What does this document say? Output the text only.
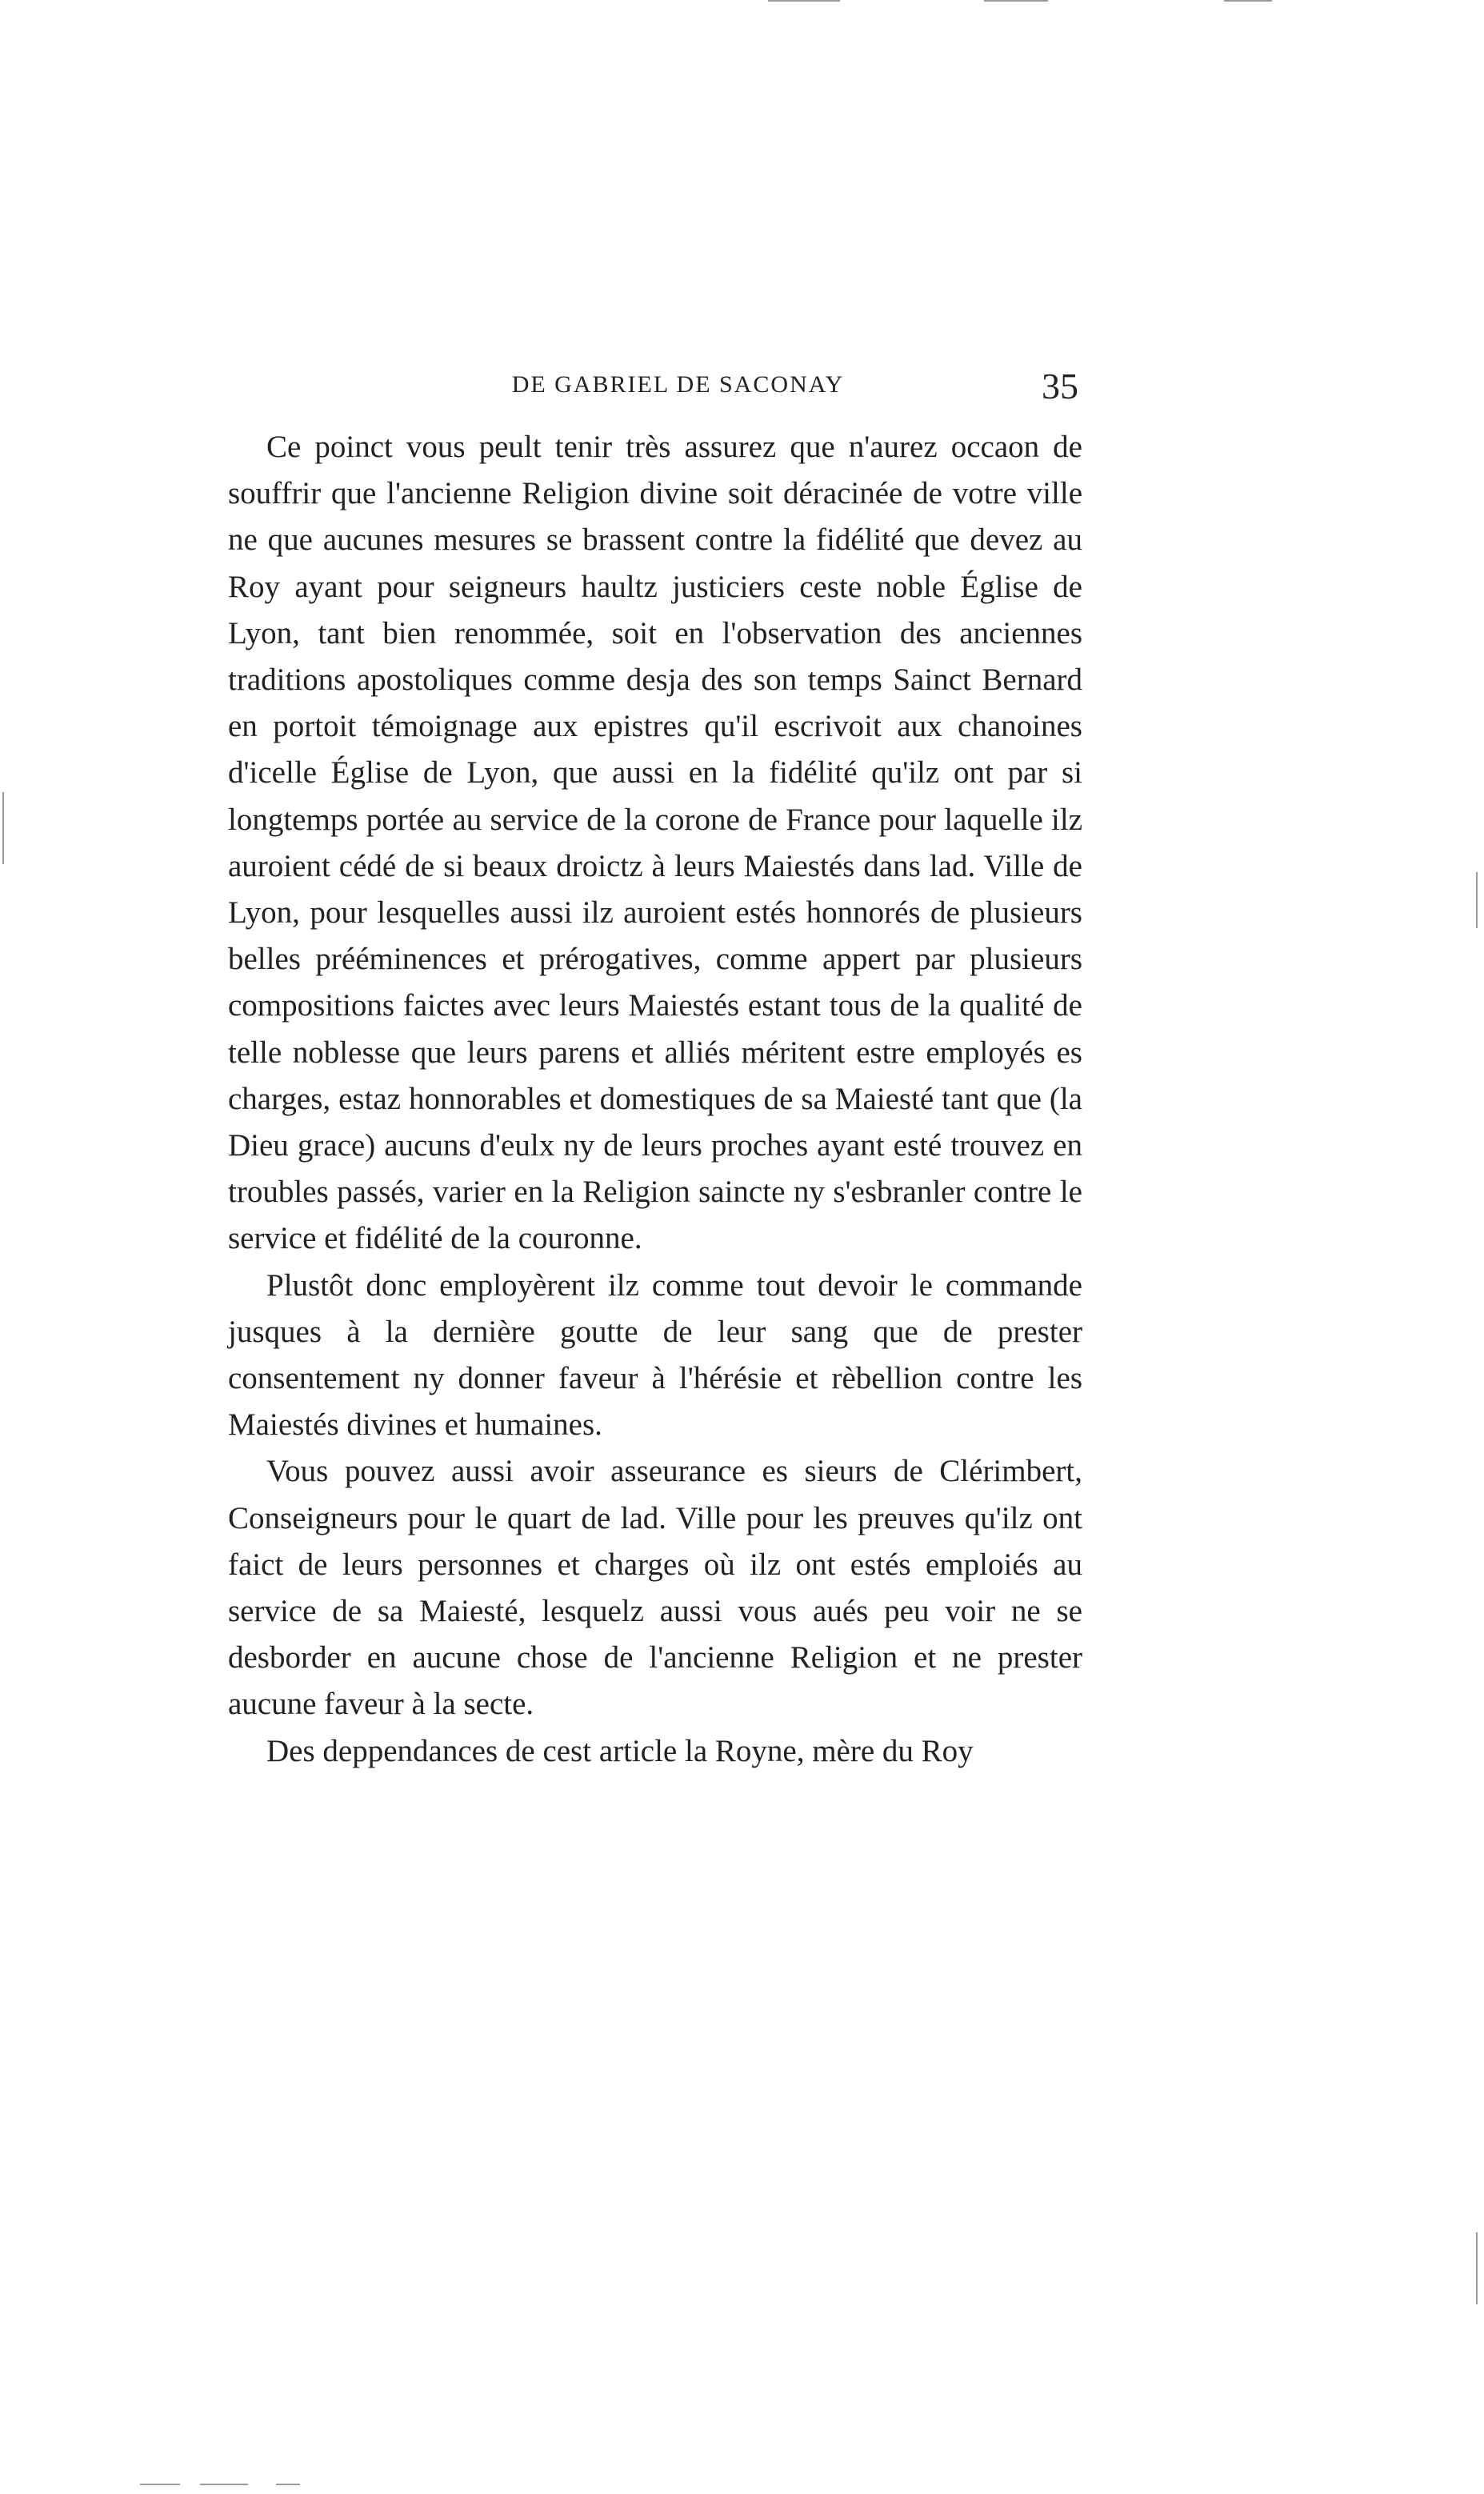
DE GABRIEL DE SACONAY	35

Ce poinct vous peult tenir très assurez que n'aurez occaon de souffrir que l'ancienne Religion divine soit déracinée de votre ville ne que aucunes mesures se brassent contre la fidélité que devez au Roy ayant pour seigneurs haultz justiciers ceste noble Église de Lyon, tant bien renommée, soit en l'observation des anciennes traditions apostoliques comme desja des son temps Sainct Bernard en portoit témoignage aux epistres qu'il escrivoit aux chanoines d'icelle Église de Lyon, que aussi en la fidélité qu'ilz ont par si longtemps portée au service de la corone de France pour laquelle ilz auroient cédé de si beaux droictz à leurs Maiestés dans lad. Ville de Lyon, pour lesquelles aussi ilz auroient estés honnorés de plusieurs belles prééminences et prérogatives, comme appert par plusieurs compositions faictes avec leurs Maiestés estant tous de la qualité de telle noblesse que leurs parens et alliés méritent estre employés es charges, estaz honnorables et domestiques de sa Maiesté tant que (la Dieu grace) aucuns d'eulx ny de leurs proches ayant esté trouvez en troubles passés, varier en la Religion saincte ny s'esbranler contre le service et fidélité de la couronne.

Plustôt donc employèrent ilz comme tout devoir le commande jusques à la dernière goutte de leur sang que de prester consentement ny donner faveur à l'hérésie et rèbellion contre les Maiestés divines et humaines.

Vous pouvez aussi avoir asseurance es sieurs de Clérimbert, Conseigneurs pour le quart de lad. Ville pour les preuves qu'ilz ont faict de leurs personnes et charges où ilz ont estés emploiés au service de sa Maiesté, lesquelz aussi vous aués peu voir ne se desborder en aucune chose de l'ancienne Religion et ne prester aucune faveur à la secte.

Des deppendances de cest article la Royne, mère du Roy
